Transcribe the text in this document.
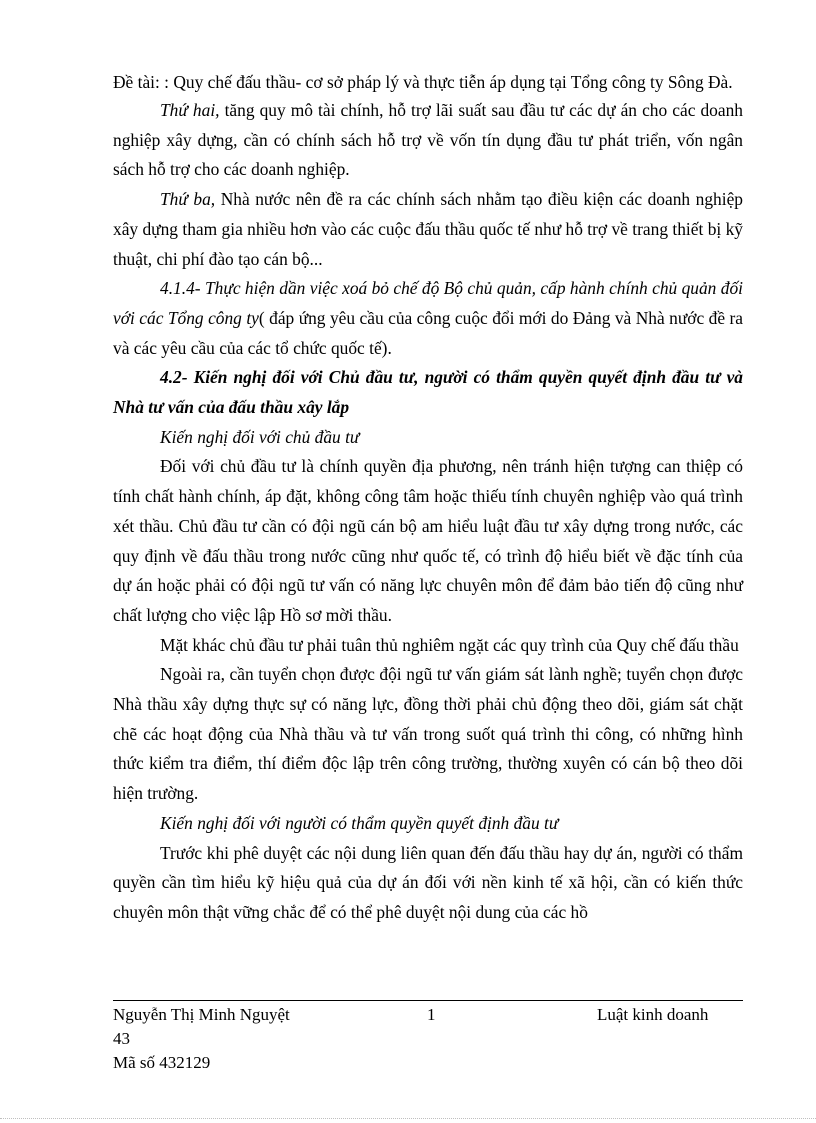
Đề tài: : Quy chế đấu thầu- cơ sở pháp lý và thực tiễn áp dụng tại Tổng công ty Sông Đà.

Thứ hai, tăng quy mô tài chính, hỗ trợ lãi suất sau đầu tư các dự án cho các doanh nghiệp xây dựng, cần có chính sách hỗ trợ về vốn tín dụng đầu tư phát triển, vốn ngân sách hỗ trợ cho các doanh nghiệp.

Thứ ba, Nhà nước nên đề ra các chính sách nhằm tạo điều kiện các doanh nghiệp xây dựng tham gia nhiều hơn vào các cuộc đấu thầu quốc tế như hỗ trợ về trang thiết bị kỹ thuật, chi phí đào tạo cán bộ...

4.1.4- Thực hiện dần việc xoá bỏ chế độ Bộ chủ quản, cấp hành chính chủ quản đối với các Tổng công ty( đáp ứng yêu cầu của công cuộc đổi mới do Đảng và Nhà nước đề ra và các yêu cầu của các tổ chức quốc tế).

4.2- Kiến nghị đối với Chủ đầu tư, người có thẩm quyền quyết định đầu tư và Nhà tư vấn của đấu thầu xây lắp

Kiến nghị đối với chủ đầu tư

Đối với chủ đầu tư là chính quyền địa phương, nên tránh hiện tượng can thiệp có tính chất hành chính, áp đặt, không công tâm hoặc thiếu tính chuyên nghiệp vào quá trình xét thầu. Chủ đầu tư cần có đội ngũ cán bộ am hiểu luật đầu tư xây dựng trong nước, các quy định về đấu thầu trong nước cũng như quốc tế, có trình độ hiểu biết về đặc tính của dự án hoặc phải có đội ngũ tư vấn có năng lực chuyên môn để đảm bảo tiến độ cũng như chất lượng cho việc lập Hồ sơ mời thầu.

Mặt khác chủ đầu tư phải tuân thủ nghiêm ngặt các quy trình của Quy chế đấu thầu

Ngoài ra, cần tuyển chọn được đội ngũ tư vấn giám sát lành nghề; tuyển chọn được Nhà thầu xây dựng thực sự có năng lực, đồng thời phải chủ động theo dõi, giám sát chặt chẽ các hoạt động của Nhà thầu và tư vấn trong suốt quá trình thi công, có những hình thức kiểm tra điểm, thí điểm độc lập trên công trường, thường xuyên có cán bộ theo dõi hiện trường.

Kiến nghị đối với người có thẩm quyền quyết định đầu tư

Trước khi phê duyệt các nội dung liên quan đến đấu thầu hay dự án, người có thẩm quyền cần tìm hiểu kỹ hiệu quả của dự án đối với nền kinh tế xã hội, cần có kiến thức chuyên môn thật vững chắc để có thể phê duyệt nội dung của các hồ

Nguyễn Thị Minh Nguyệt	1	Luật kinh doanh
43
Mã số 432129
